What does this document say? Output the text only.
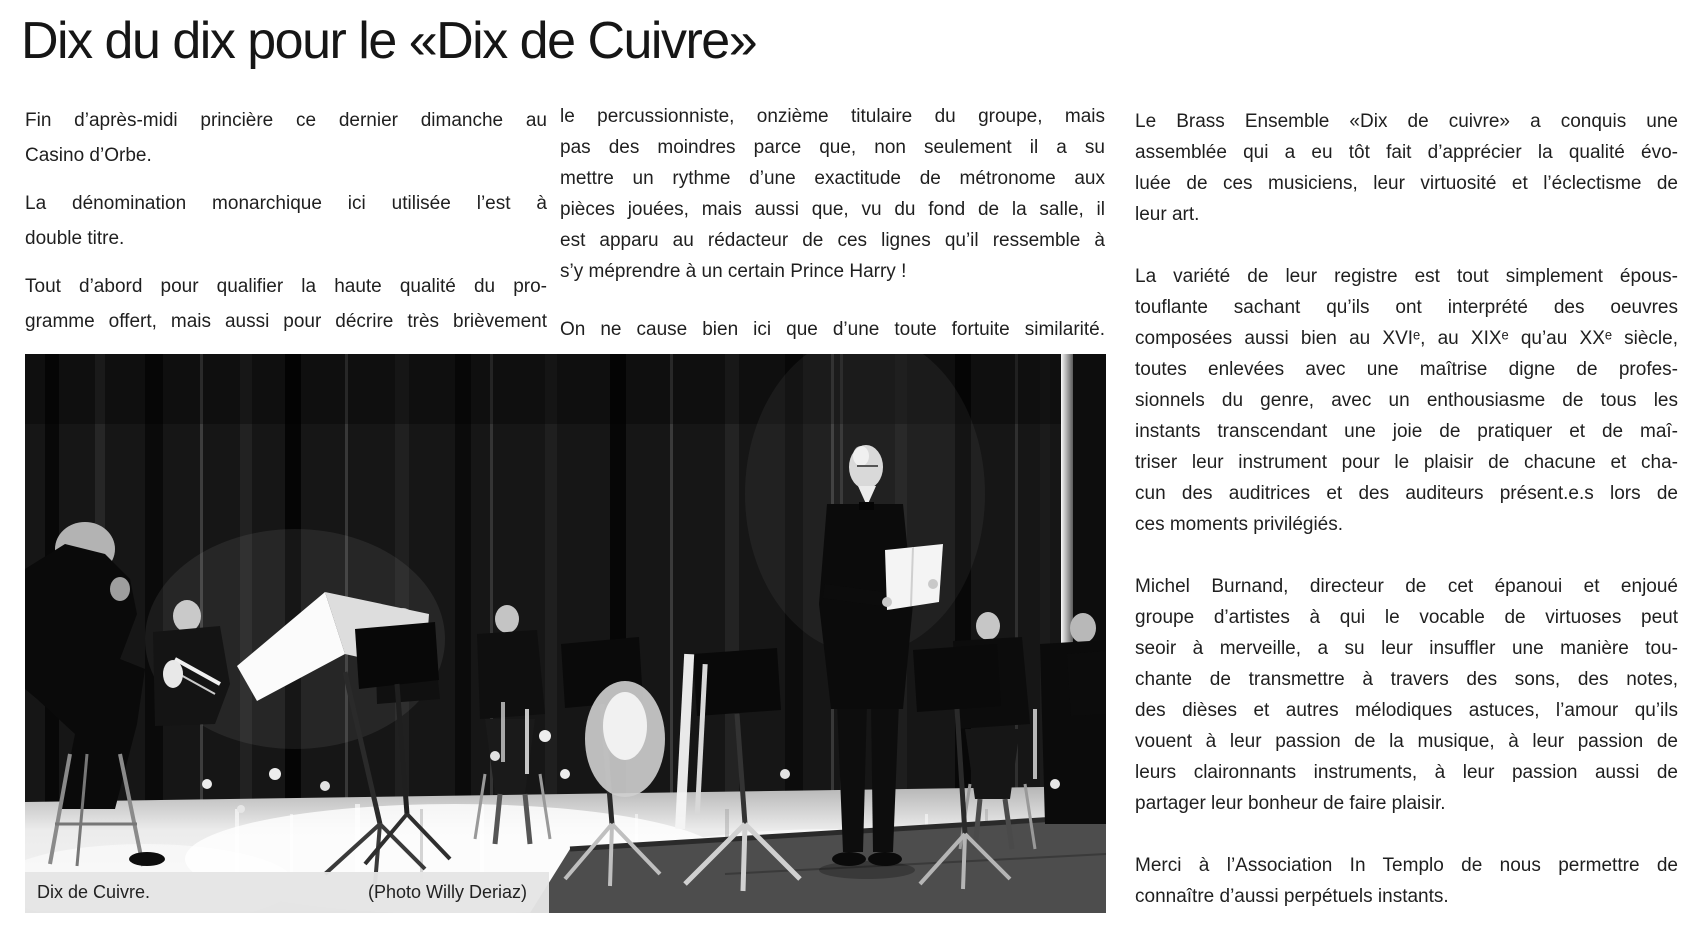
Dix du dix pour le «Dix de Cuivre»
Fin d’après-midi princière ce dernier dimanche au
Casino d’Orbe.
La dénomination monarchique ici utilisée l’est à
double titre.
Tout d’abord pour qualifier la haute qualité du pro-
gramme offert, mais aussi pour décrire très brièvement
le percussionniste, onzième titulaire du groupe, mais
pas des moindres parce que, non seulement il a su
mettre un rythme d’une exactitude de métronome aux
pièces jouées, mais aussi que, vu du fond de la salle, il
est apparu au rédacteur de ces lignes qu’il ressemble à
s’y méprendre à un certain Prince Harry !
On ne cause bien ici que d’une toute fortuite similarité.
Le Brass Ensemble «Dix de cuivre» a conquis une
assemblée qui a eu tôt fait d’apprécier la qualité évo-
luée de ces musiciens, leur virtuosité et l’éclectisme de
leur art.
La variété de leur registre est tout simplement épous-
touflante sachant qu’ils ont interprété des oeuvres
composées aussi bien au XVIᵉ, au XIXᵉ qu’au XXᵉ siècle,
toutes enlevées avec une maîtrise digne de profes-
sionnels du genre, avec un enthousiasme de tous les
instants transcendant une joie de pratiquer et de maî-
triser leur instrument pour le plaisir de chacune et cha-
cun des auditrices et des auditeurs présent.e.s lors de
ces moments privilégiés.
Michel Burnand, directeur de cet épanoui et enjoué
groupe d’artistes à qui le vocable de virtuoses peut
seoir à merveille, a su leur insuffler une manière tou-
chante de transmettre à travers des sons, des notes,
des dièses et autres mélodiques astuces, l’amour qu’ils
vouent à leur passion de la musique, à leur passion de
leurs claironnants instruments, à leur passion aussi de
partager leur bonheur de faire plaisir.
Merci à l’Association In Templo de nous permettre de
connaître d’aussi perpétuels instants.
Dix de Cuivre.	(Photo Willy Deriaz)
